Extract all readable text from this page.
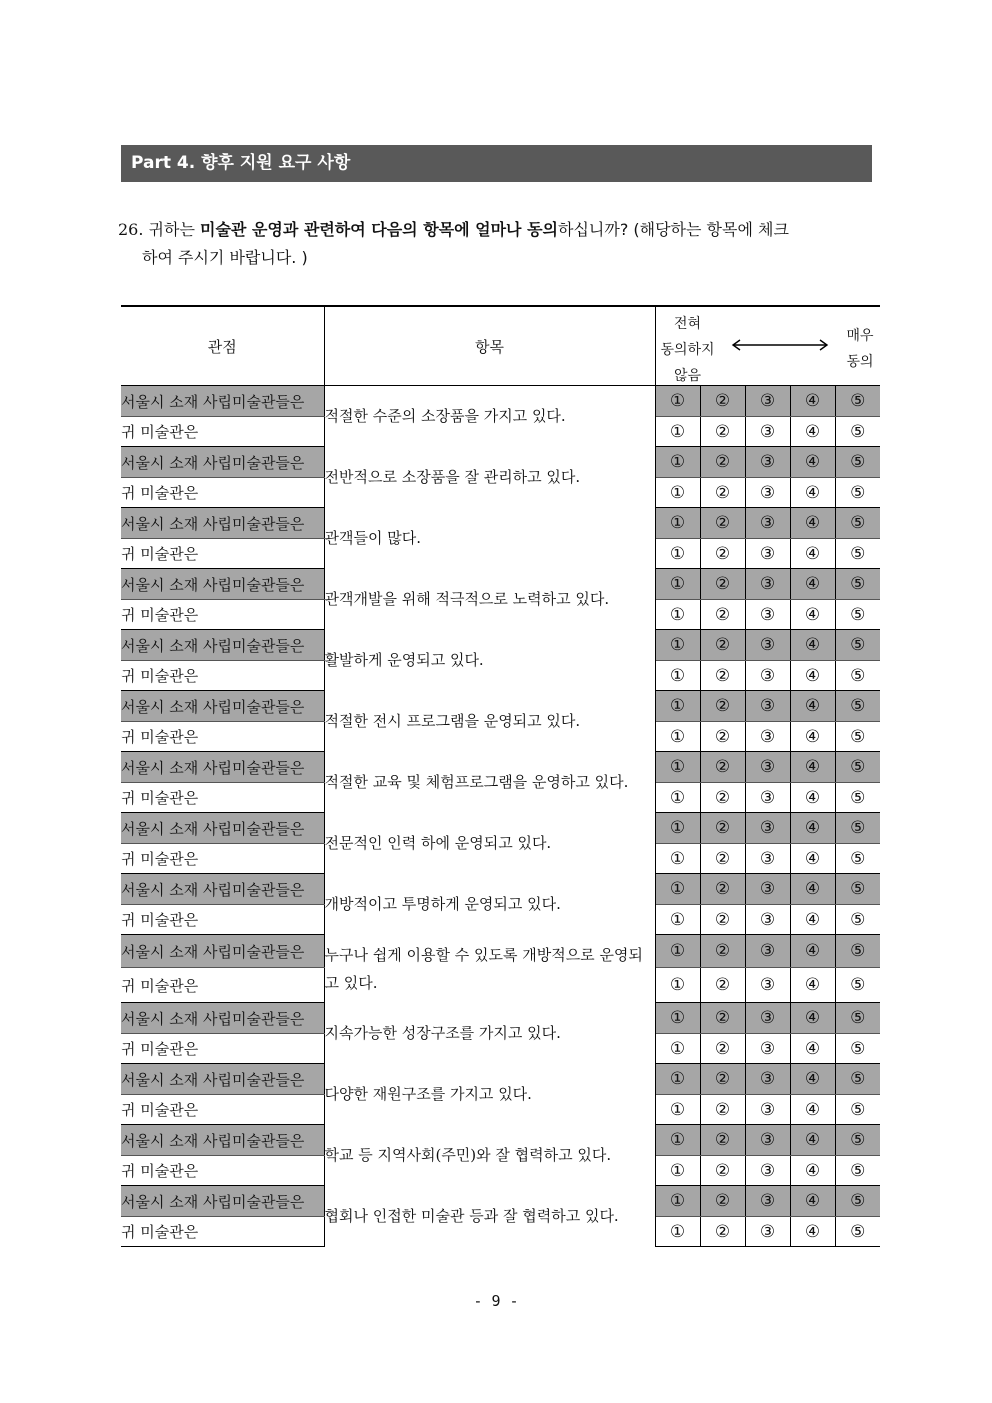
Part 4. 향후 지원 요구 사항
26. 귀하는 미술관 운영과 관련하여 다음의 항목에 얼마나 동의하십니까? (해당하는 항목에 체크
하여 주시기 바랍니다. )
관점	항목	전혀
동의하지
않음
매우
동의				

서울시 소재 사립미술관들은	적절한 수준의 소장품을 가지고 있다.	①	②	③	④	⑤
귀 미술관은		①	②	③	④	⑤
서울시 소재 사립미술관들은	전반적으로 소장품을 잘 관리하고 있다.	①	②	③	④	⑤
귀 미술관은		①	②	③	④	⑤
서울시 소재 사립미술관들은	관객들이 많다.	①	②	③	④	⑤
귀 미술관은		①	②	③	④	⑤
서울시 소재 사립미술관들은	관객개발을 위해 적극적으로 노력하고 있다.	①	②	③	④	⑤
귀 미술관은		①	②	③	④	⑤
서울시 소재 사립미술관들은	활발하게 운영되고 있다.	①	②	③	④	⑤
귀 미술관은		①	②	③	④	⑤
서울시 소재 사립미술관들은	적절한 전시 프로그램을 운영되고 있다.	①	②	③	④	⑤
귀 미술관은		①	②	③	④	⑤
서울시 소재 사립미술관들은	적절한 교육 및 체험프로그램을 운영하고 있다.	①	②	③	④	⑤
귀 미술관은		①	②	③	④	⑤
서울시 소재 사립미술관들은	전문적인 인력 하에 운영되고 있다.	①	②	③	④	⑤
귀 미술관은		①	②	③	④	⑤
서울시 소재 사립미술관들은	개방적이고 투명하게 운영되고 있다.	①	②	③	④	⑤
귀 미술관은		①	②	③	④	⑤
서울시 소재 사립미술관들은	누구나 쉽게 이용할 수 있도록 개방적으로 운영되고 있다.	①	②	③	④	⑤
귀 미술관은		①	②	③	④	⑤
서울시 소재 사립미술관들은	지속가능한 성장구조를 가지고 있다.	①	②	③	④	⑤
귀 미술관은		①	②	③	④	⑤
서울시 소재 사립미술관들은	다양한 재원구조를 가지고 있다.	①	②	③	④	⑤
귀 미술관은		①	②	③	④	⑤
서울시 소재 사립미술관들은	학교 등 지역사회(주민)와 잘 협력하고 있다.	①	②	③	④	⑤
귀 미술관은		①	②	③	④	⑤
서울시 소재 사립미술관들은	협회나 인접한 미술관 등과 잘 협력하고 있다.	①	②	③	④	⑤
귀 미술관은		①	②	③	④	⑤
- 9 -
